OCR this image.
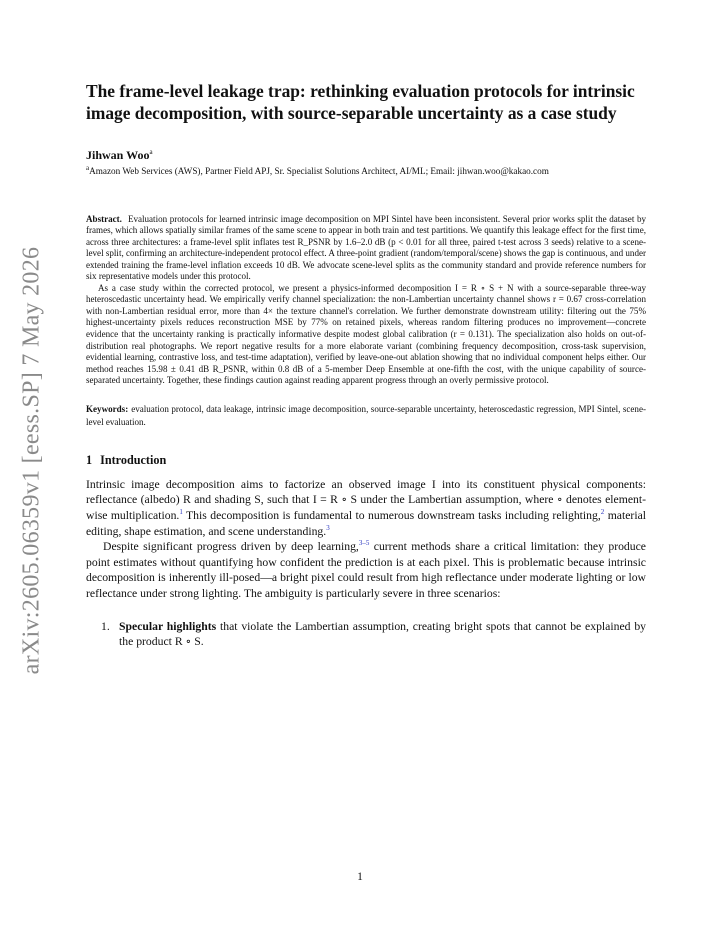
arXiv:2605.06359v1 [eess.SP] 7 May 2026
The frame-level leakage trap: rethinking evaluation protocols for intrinsic image decomposition, with source-separable uncertainty as a case study

Jihwan Woo$^a$

$^a$Amazon Web Services (AWS), Partner Field APJ, Sr. Specialist Solutions Architect, AI/ML; Email: jihwan.woo@kakao.com

Abstract. Evaluation protocols for learned intrinsic image decomposition on MPI Sintel have been inconsistent. Several prior works split the dataset by frames, which allows spatially similar frames of the same scene to appear in both train and test partitions. We quantify this leakage effect for the first time, across three architectures: a frame-level split inflates test R_PSNR by 1.6–2.0 dB (p < 0.01 for all three, paired t-test across 3 seeds) relative to a scene-level split, confirming an architecture-independent protocol effect. A three-point gradient (random/temporal/scene) shows the gap is continuous, and under extended training the frame-level inflation exceeds 10 dB. We advocate scene-level splits as the community standard and provide reference numbers for six representative models under this protocol.

As a case study within the corrected protocol, we present a physics-informed decomposition I = R ∘ S + N with a source-separable three-way heteroscedastic uncertainty head. We empirically verify channel specialization: the non-Lambertian uncertainty channel shows r = 0.67 cross-correlation with non-Lambertian residual error, more than 4× the texture channel's correlation. We further demonstrate downstream utility: filtering out the 75% highest-uncertainty pixels reduces reconstruction MSE by 77% on retained pixels, whereas random filtering produces no improvement—concrete evidence that the uncertainty ranking is practically informative despite modest global calibration (r = 0.131). The specialization also holds on out-of-distribution real photographs. We report negative results for a more elaborate variant (combining frequency decomposition, cross-task supervision, evidential learning, contrastive loss, and test-time adaptation), verified by leave-one-out ablation showing that no individual component helps either. Our method reaches 15.98 ± 0.41 dB R_PSNR, within 0.8 dB of a 5-member Deep Ensemble at one-fifth the cost, with the unique capability of source-separated uncertainty. Together, these findings caution against reading apparent progress through an overly permissive protocol.

Keywords: evaluation protocol, data leakage, intrinsic image decomposition, source-separable uncertainty, heteroscedastic regression, MPI Sintel, scene-level evaluation.
1 Introduction

Intrinsic image decomposition aims to factorize an observed image I into its constituent physical components: reflectance (albedo) R and shading S, such that I = R ∘ S under the Lambertian assumption, where ∘ denotes element-wise multiplication.$^1$ This decomposition is fundamental to numerous downstream tasks including relighting,$^2$ material editing, shape estimation, and scene understanding.$^3$

Despite significant progress driven by deep learning,$^{3-5}$ current methods share a critical limitation: they produce point estimates without quantifying how confident the prediction is at each pixel. This is problematic because intrinsic decomposition is inherently ill-posed—a bright pixel could result from high reflectance under moderate lighting or low reflectance under strong lighting. The ambiguity is particularly severe in three scenarios:

1. Specular highlights that violate the Lambertian assumption, creating bright spots that cannot be explained by the product R ∘ S.
1
